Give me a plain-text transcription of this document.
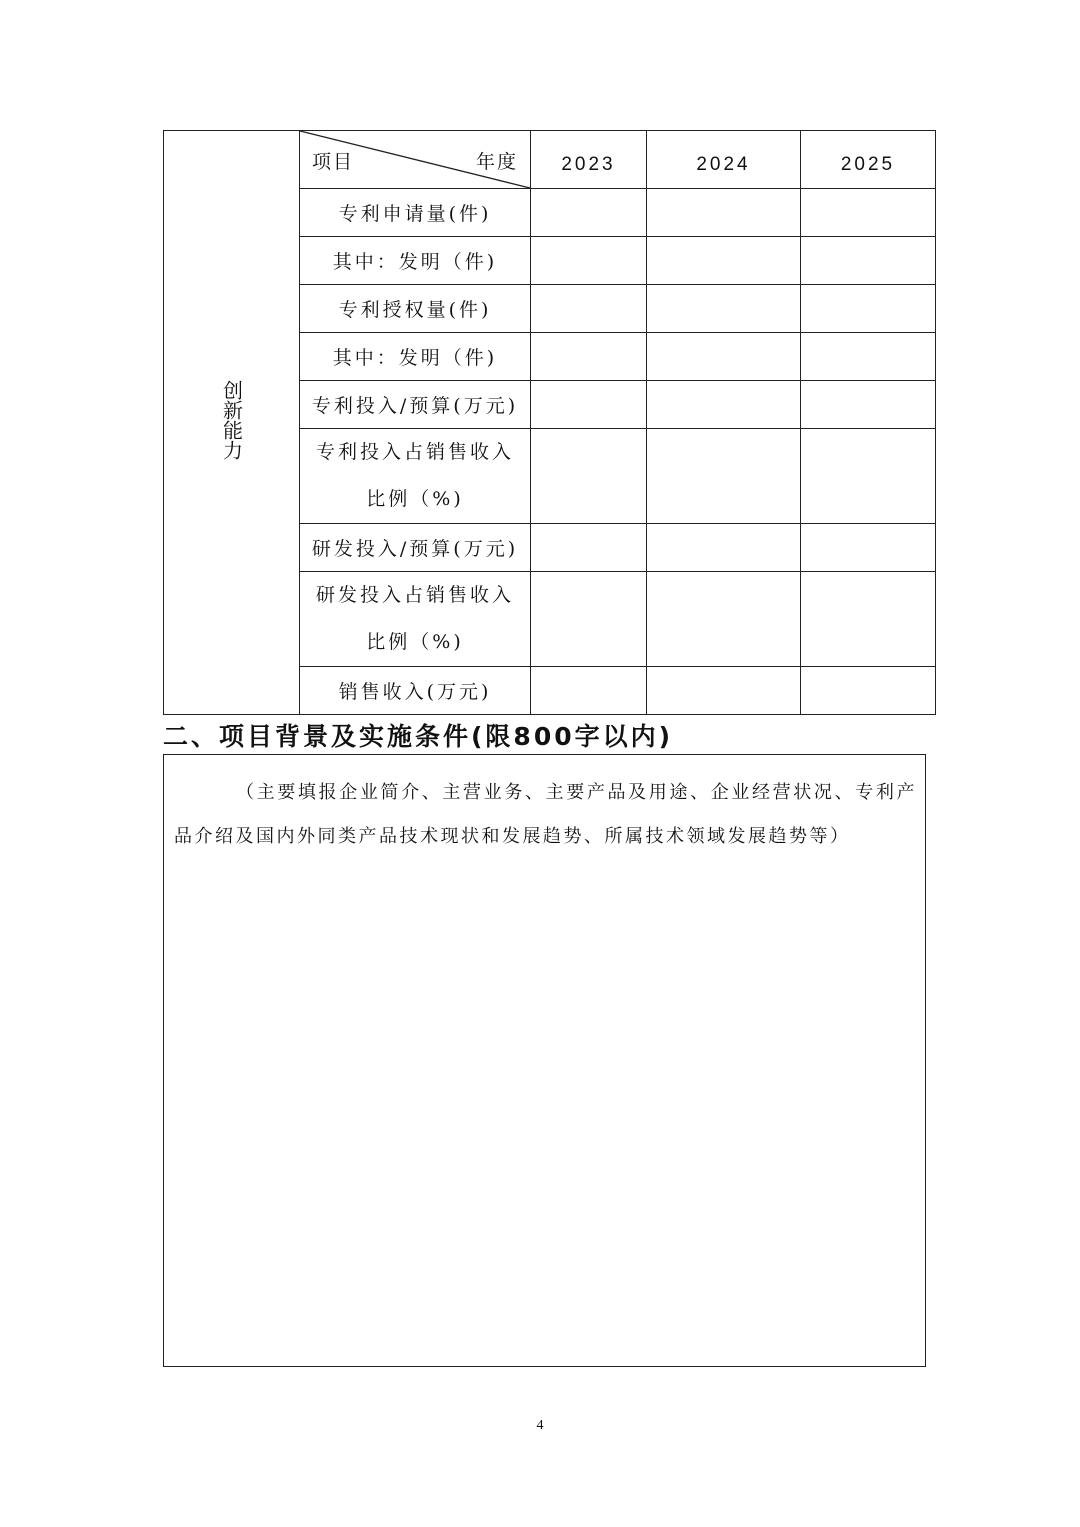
创新能力	项目 年度	2023	2024	2025
	专利申请量(件)			
	其中：发明（件)			
	专利授权量(件)			
	其中：发明（件)			
	专利投入/预算(万元)			

	专利投入占销售收入
比例（%)			

	研发投入/预算(万元)			

	研发投入占销售收入
比例（%)			

	销售收入(万元)			
二、项目背景及实施条件(限800字以内)

（主要填报企业简介、主营业务、主要产品及用途、企业经营状况、专利产品介绍及国内外同类产品技术现状和发展趋势、所属技术领域发展趋势等）

4
